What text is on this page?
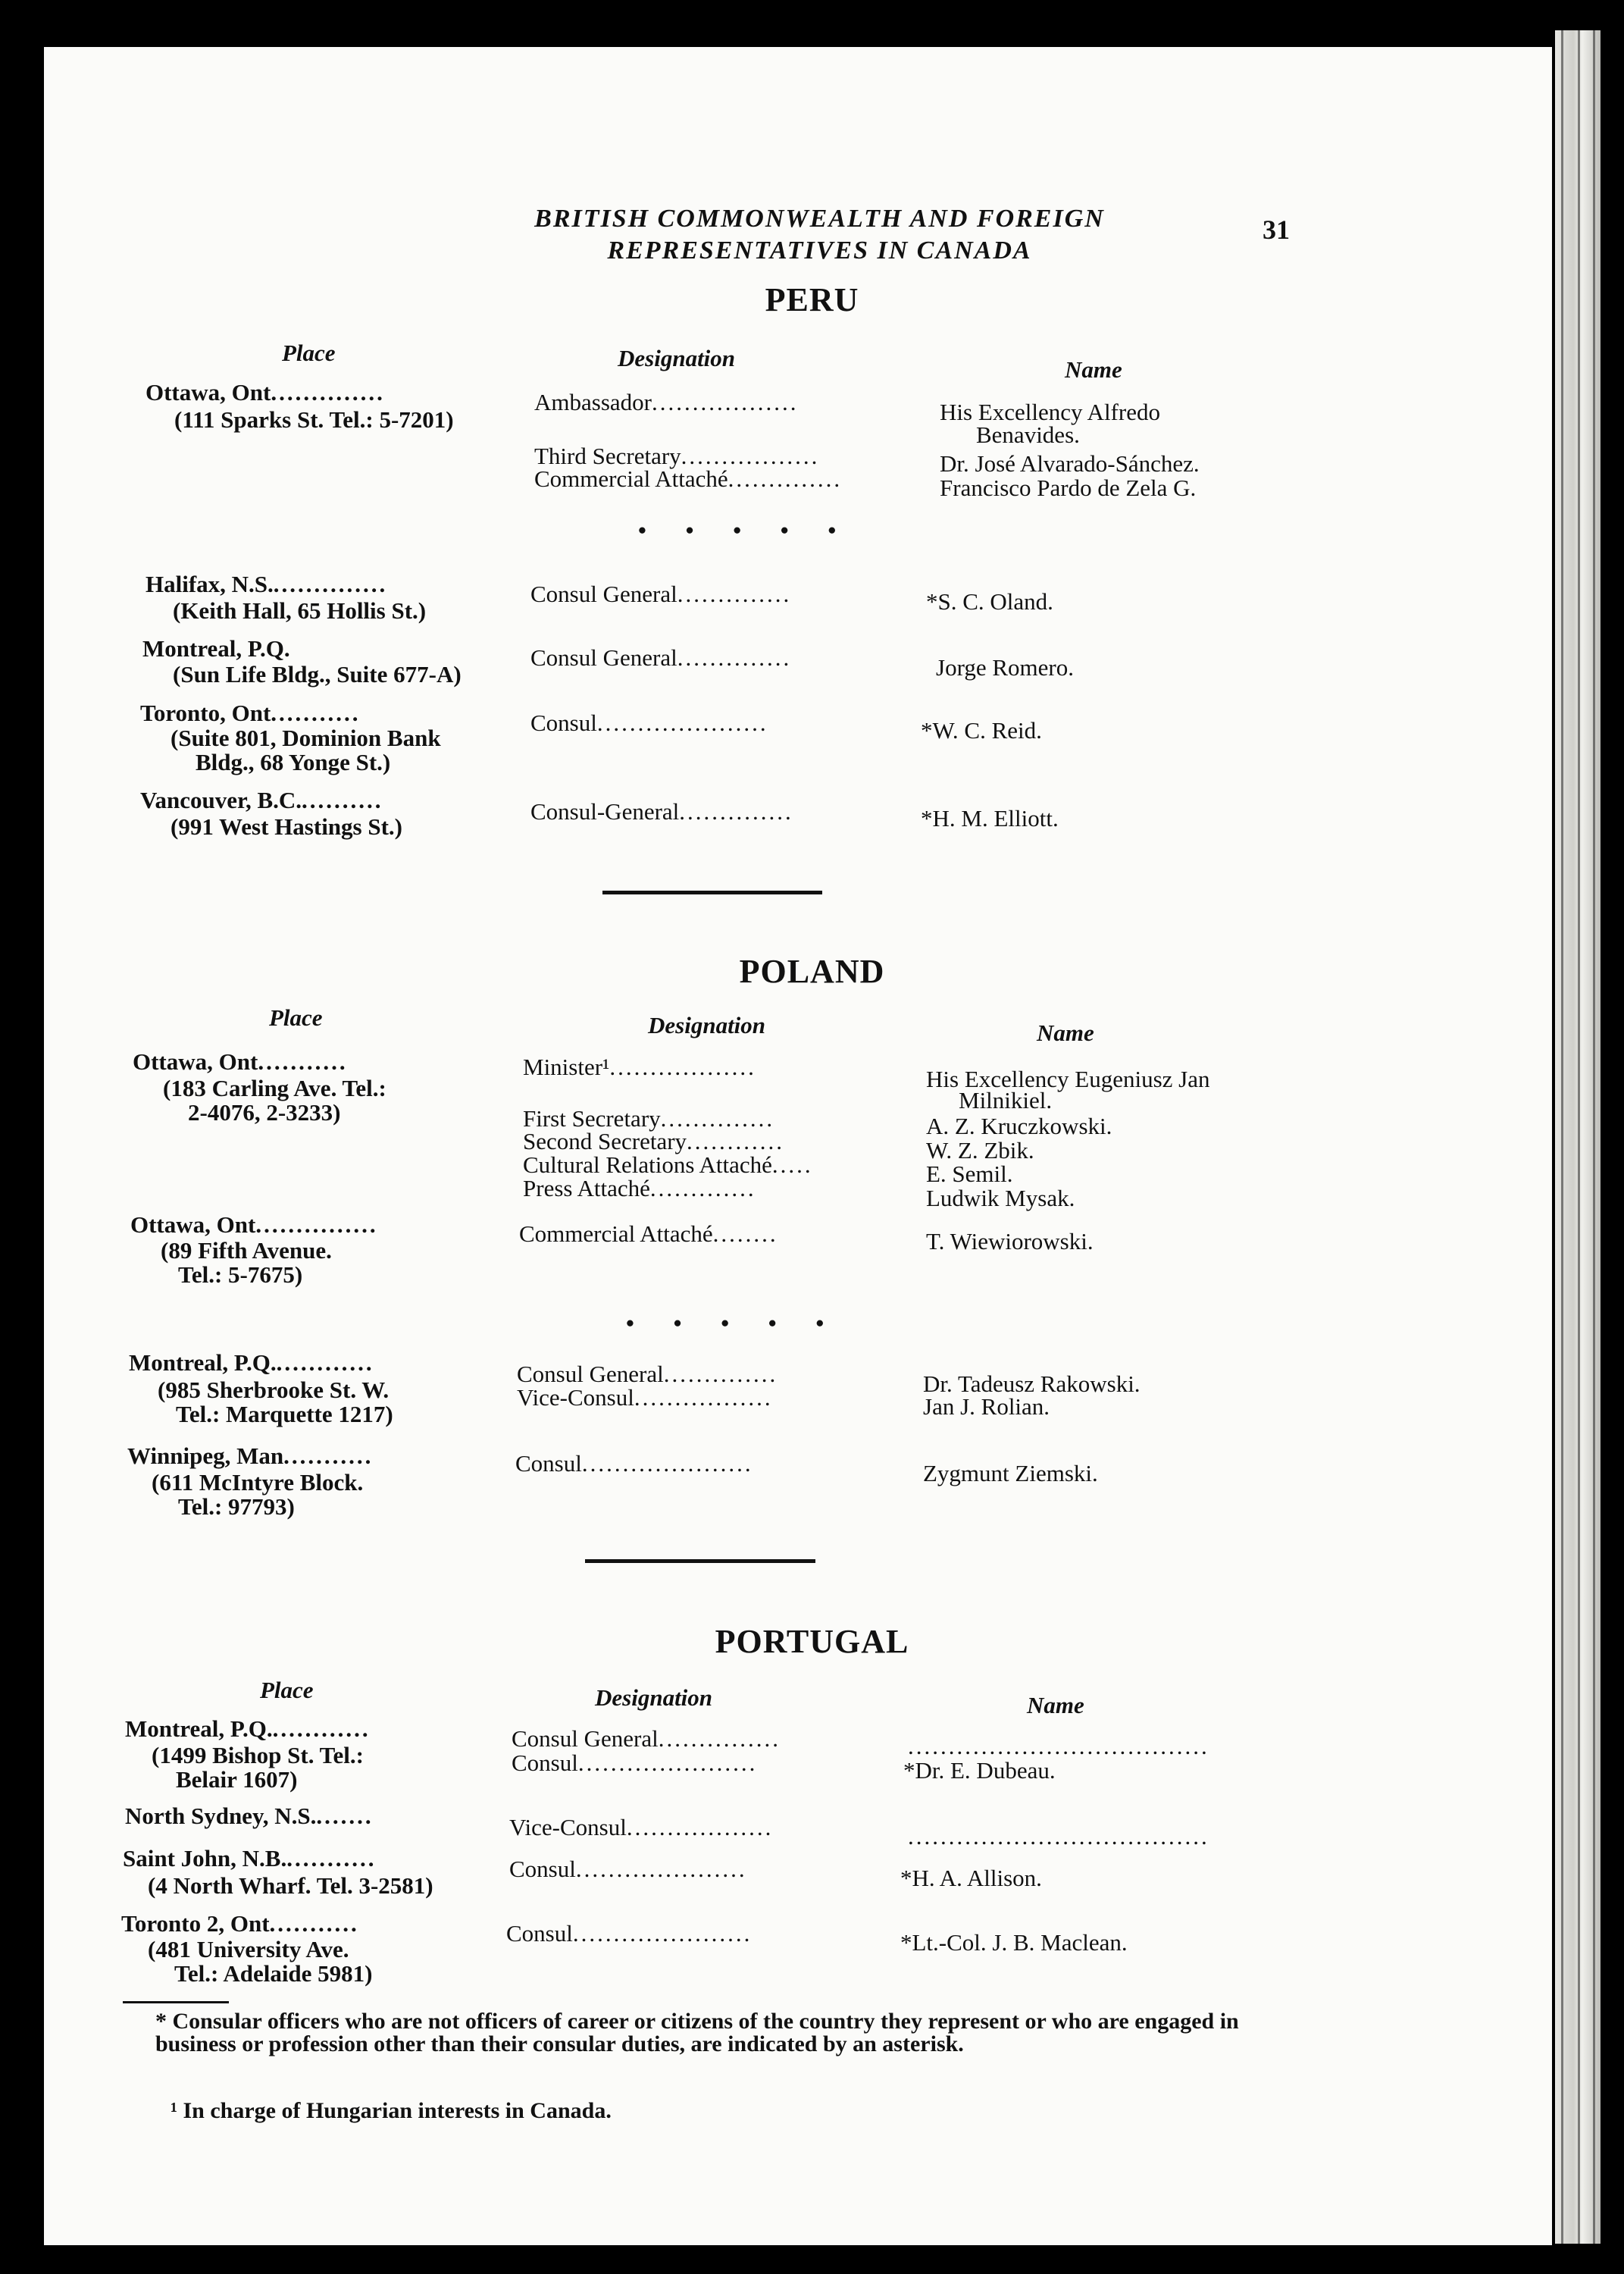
BRITISH COMMONWEALTH AND FOREIGN
REPRESENTATIVES IN CANADA
31
PERU
Place	Designation	Name
Ottawa, Ont..............
(111 Sparks St. Tel.: 5-7201)
Ambassador..................	His Excellency Alfredo
Benavides.
Third Secretary.................	Dr. José Alvarado-Sánchez.
Commercial Attaché..............	Francisco Pardo de Zela G.
• • • • •
Halifax, N.S...............
(Keith Hall, 65 Hollis St.)
Consul General..............	*S. C. Oland.
Montreal, P.Q.
(Sun Life Bldg., Suite 677-A)
Consul General..............	Jorge Romero.
Toronto, Ont...........
(Suite 801, Dominion Bank
Bldg., 68 Yonge St.)
Consul.....................	*W. C. Reid.
Vancouver, B.C...........
(991 West Hastings St.)
Consul-General..............	*H. M. Elliott.
POLAND
Place	Designation	Name
Ottawa, Ont...........
(183 Carling Ave. Tel.:
2-4076, 2-3233)
Minister¹..................	His Excellency Eugeniusz Jan
Milnikiel.
First Secretary..............	A. Z. Kruczkowski.
Second Secretary............	W. Z. Zbik.
Cultural Relations Attaché.....	E. Semil.
Press Attaché.............	Ludwik Mysak.
Ottawa, Ont...............
(89 Fifth Avenue.
Tel.: 5-7675)
Commercial Attaché........	T. Wiewiorowski.
• • • • •
Montreal, P.Q.............
(985 Sherbrooke St. W.
Tel.: Marquette 1217)
Consul General..............	Dr. Tadeusz Rakowski.
Vice-Consul.................	Jan J. Rolian.
Winnipeg, Man...........
(611 McIntyre Block.
Tel.: 97793)
Consul.....................	Zygmunt Ziemski.
PORTUGAL
Place	Designation	Name
Montreal, P.Q.............
(1499 Bishop St. Tel.:
Belair 1607)
Consul General...............	.....................................
Consul......................	*Dr. E. Dubeau.
North Sydney, N.S........	Vice-Consul..................	.....................................
Saint John, N.B............
(4 North Wharf. Tel. 3-2581)
Consul.....................	*H. A. Allison.
Toronto 2, Ont...........
(481 University Ave.
Tel.: Adelaide 5981)
Consul......................	*Lt.-Col. J. B. Maclean.
* Consular officers who are not officers of career or citizens of the country they represent or who are engaged in business or profession other than their consular duties, are indicated by an asterisk.
¹ In charge of Hungarian interests in Canada.
